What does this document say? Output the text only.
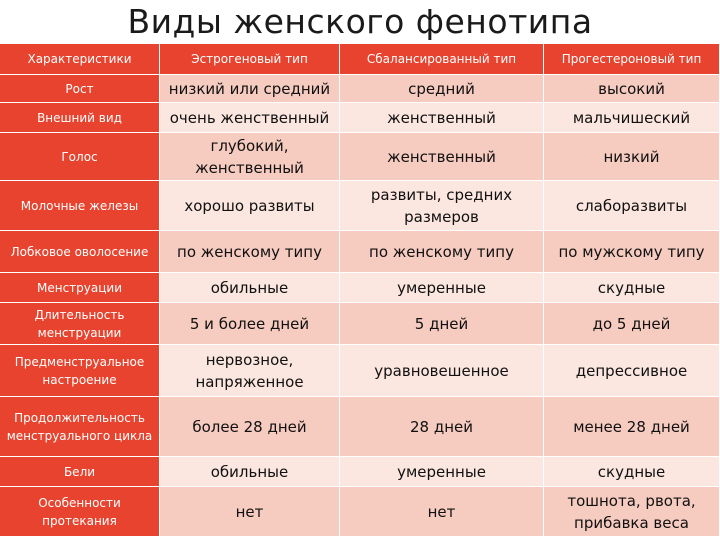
Виды женского фенотипа
Характеристики	Эстрогеновый тип	Сбалансированный тип	Прогестероновый тип
Рост	низкий или средний	средний	высокий
Внешний вид	очень женственный	женственный	мальчишеский
Голос	глубокий, женственный	женственный	низкий
Молочные железы	хорошо развиты	развиты, средних размеров	слаборазвиты
Лобковое оволосение	по женскому типу	по женскому типу	по мужскому типу
Менструации	обильные	умеренные	скудные
Длительность менструации	5 и более дней	5 дней	до 5 дней
Предменструальное настроение	нервозное, напряженное	уравновешенное	депрессивное
Продолжительность менструального цикла	более 28 дней	28 дней	менее 28 дней
Бели	обильные	умеренные	скудные
Особенности протекания	нет	нет	тошнота, рвота, прибавка веса
